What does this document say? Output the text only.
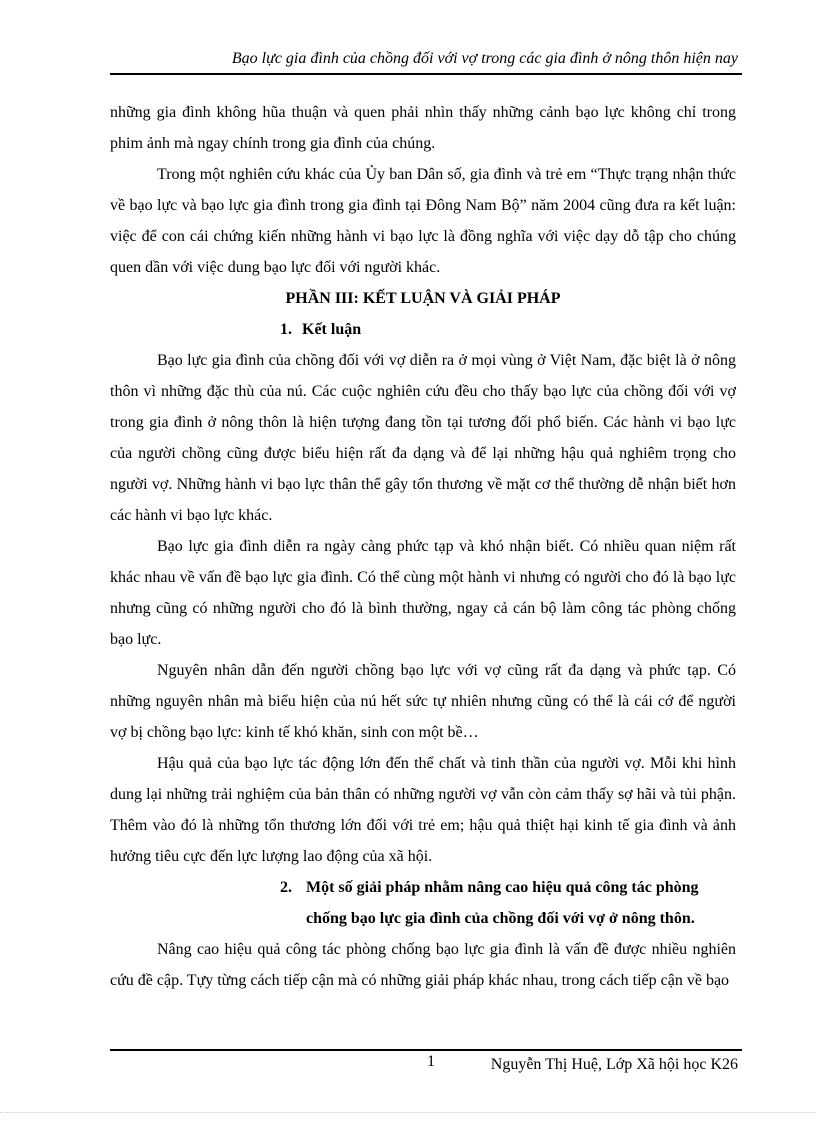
Bạo lực gia đình của chồng đối với vợ trong các gia đình ở nông thôn hiện nay

những gia đình không hũa thuận và quen phải nhìn thấy những cảnh bạo lực không chỉ trong phim ảnh mà ngay chính trong gia đình của chúng.

Trong một nghiên cứu khác của Ủy ban Dân số, gia đình và trẻ em “Thực trạng nhận thức về bạo lực và bạo lực gia đình trong gia đình tại Đông Nam Bộ” năm 2004 cũng đưa ra kết luận: việc để con cái chứng kiến những hành vi bạo lực là đồng nghĩa với việc dạy dỗ tập cho chúng quen dần với việc dung bạo lực đối với người khác.

PHẦN III: KẾT LUẬN VÀ GIẢI PHÁP

1. Kết luận

Bạo lực gia đình của chồng đối với vợ diễn ra ở mọi vùng ở Việt Nam, đặc biệt là ở nông thôn vì những đặc thù của nú. Các cuộc nghiên cứu đều cho thấy bạo lực của chồng đối với vợ trong gia đình ở nông thôn là hiện tượng đang tồn tại tương đối phổ biến. Các hành vi bạo lực của người chồng cũng được biểu hiện rất đa dạng và để lại những hậu quả nghiêm trọng cho người vợ. Những hành vi bạo lực thân thể gây tổn thương về mặt cơ thể thường dễ nhận biết hơn các hành vi bạo lực khác.

Bạo lực gia đình diễn ra ngày càng phức tạp và khó nhận biết. Có nhiều quan niệm rất khác nhau về vấn đề bạo lực gia đình. Có thể cùng một hành vi nhưng có người cho đó là bạo lực nhưng cũng có những người cho đó là bình thường, ngay cả cán bộ làm công tác phòng chống bạo lực.

Nguyên nhân dẫn đến người chồng bạo lực với vợ cũng rất đa dạng và phức tạp. Có những nguyên nhân mà biểu hiện của nú hết sức tự nhiên nhưng cũng có thể là cái cớ để người vợ bị chồng bạo lực: kinh tế khó khăn, sinh con một bề…

Hậu quả của bạo lực tác động lớn đến thể chất và tinh thần của người vợ. Mỗi khi hình dung lại những trải nghiệm của bản thân có những người vợ vẫn còn cảm thấy sợ hãi và tủi phận. Thêm vào đó là những tổn thương lớn đối với trẻ em; hậu quả thiệt hại kinh tế gia đình và ảnh hưởng tiêu cực đến lực lượng lao động của xã hội.

2. Một số giải pháp nhằm nâng cao hiệu quả công tác phòng
chống bạo lực gia đình của chồng đối với vợ ở nông thôn.

Nâng cao hiệu quả công tác phòng chống bạo lực gia đình là vấn đề được nhiều nghiên cứu đề cập. Tựy từng cách tiếp cận mà có những giải pháp khác nhau, trong cách tiếp cận về bạo

1	Nguyễn Thị Huệ, Lớp Xã hội học K26
